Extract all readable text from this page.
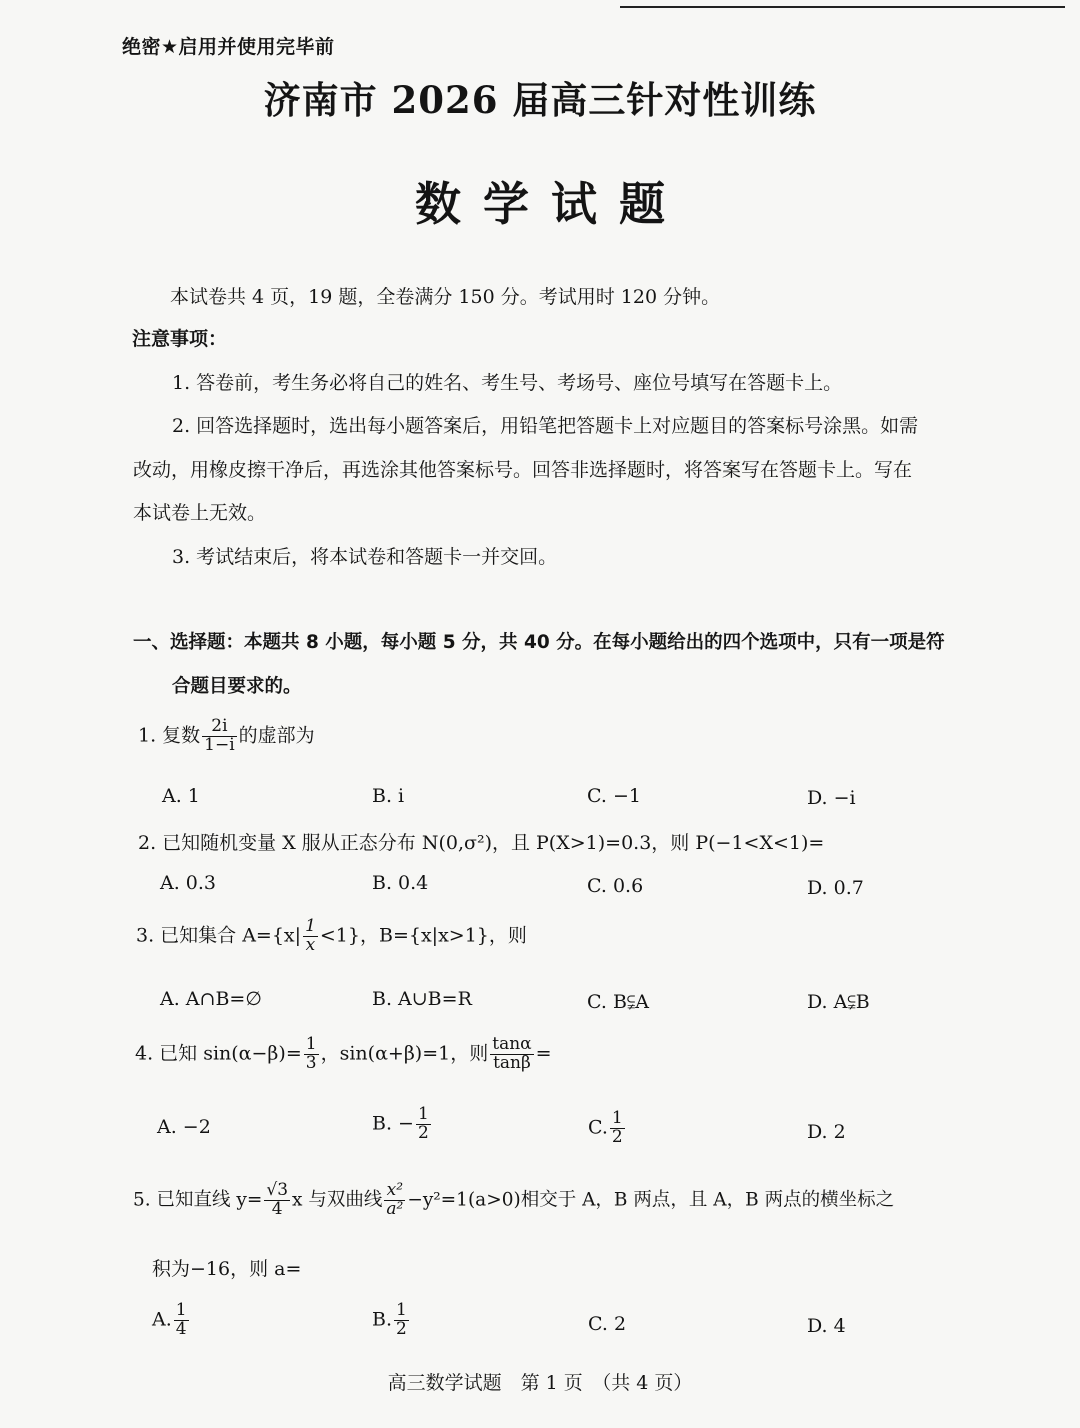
绝密★启用并使用完毕前
济南市 2026 届高三针对性训练
数学试题
本试卷共 4 页，19 题，全卷满分 150 分。考试用时 120 分钟。
注意事项：
1. 答卷前，考生务必将自己的姓名、考生号、考场号、座位号填写在答题卡上。
2. 回答选择题时，选出每小题答案后，用铅笔把答题卡上对应题目的答案标号涂黑。如需
改动，用橡皮擦干净后，再选涂其他答案标号。回答非选择题时，将答案写在答题卡上。写在
本试卷上无效。
3. 考试结束后，将本试卷和答题卡一并交回。
一、选择题：本题共 8 小题，每小题 5 分，共 40 分。在每小题给出的四个选项中，只有一项是符
合题目要求的。
1. 复数 $\frac{2i}{1-i}$ 的虚部为
A. 1	B. i	C. −1	D. −i
2. 已知随机变量 X 服从正态分布 N(0,σ²)，且 P(X>1)=0.3，则 P(−1<X<1)=
A. 0.3	B. 0.4	C. 0.6	D. 0.7
3. 已知集合 $A=\{x| \frac{1}{x} <1\}$，B={x|x>1}，则
A. A∩B=∅	B. A∪B=R	C. B⫋A	D. A⫋B
4. 已知 $\sin(\alpha-\beta)= \frac{1}{3}$ ，sin(α+β)=1，则 $\frac{\tan\alpha}{\tan\beta}$ =
A. −2	B. − $\frac{1}{2}$	C. $\frac{1}{2}$	D. 2
5. 已知直线 $y= \frac{√3}{4}$ x 与双曲线 $\frac{\text{x²}}{\text{a²}} -y^2=1(a>0)$相交于 A，B 两点，且 A，B 两点的横坐标之
积为−16，则 a=
A. $\frac{1}{4}$	B. $\frac{1}{2}$	C. 2	D. 4
高三数学试题　第 1 页　（共 4 页）
